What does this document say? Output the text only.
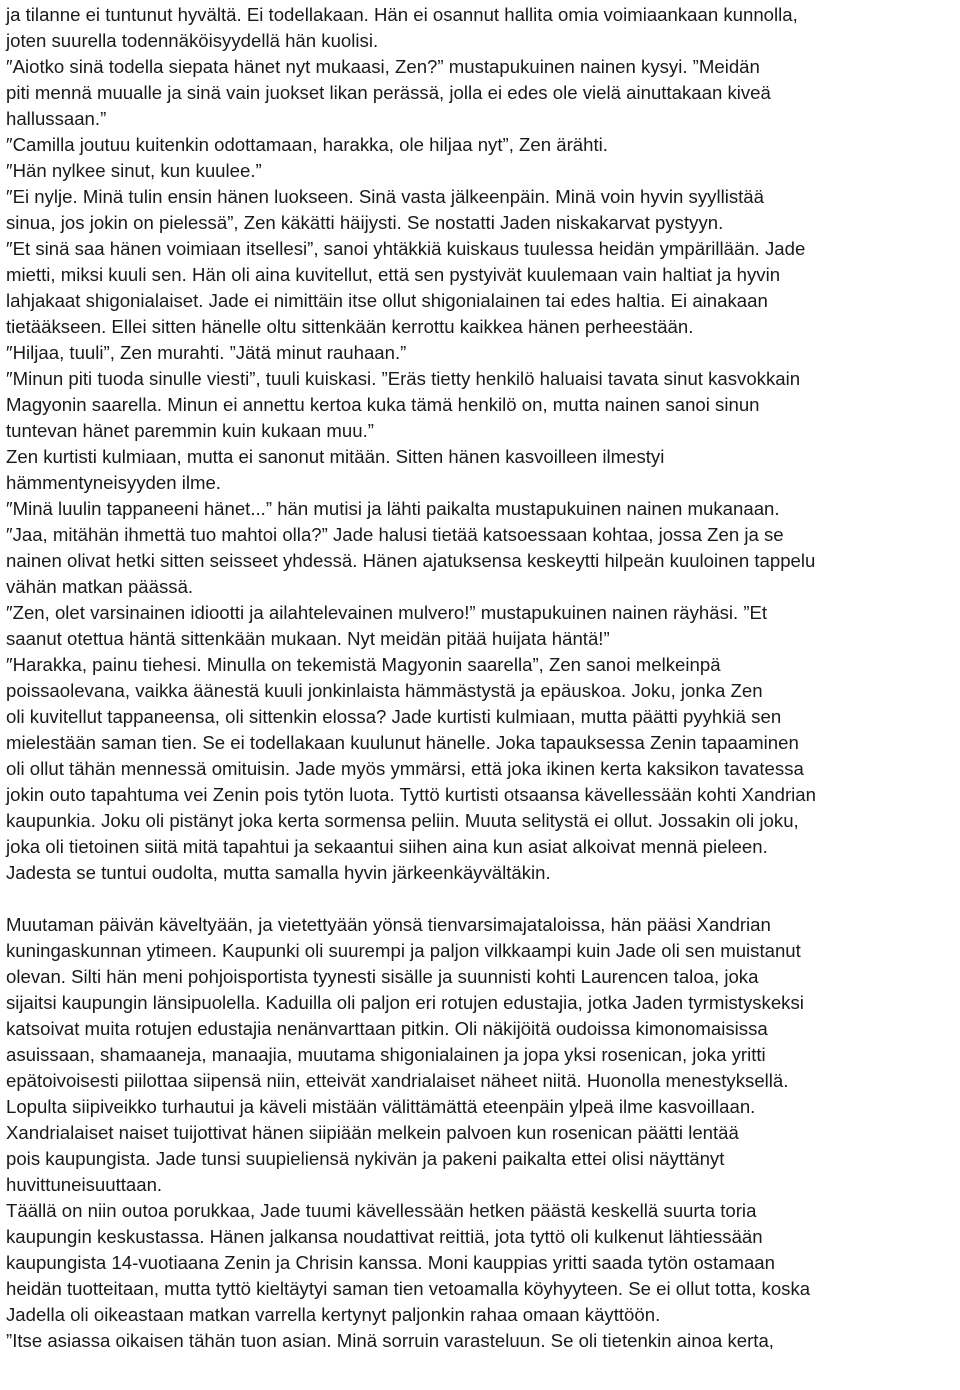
ja tilanne ei tuntunut hyvältä. Ei todellakaan. Hän ei osannut hallita omia voimiaankaan kunnolla,
joten suurella todennäköisyydellä hän kuolisi.
″Aiotko sinä todella siepata hänet nyt mukaasi, Zen?” mustapukuinen nainen kysyi. ”Meidän
piti mennä muualle ja sinä vain juokset likan perässä, jolla ei edes ole vielä ainuttakaan kiveä
hallussaan.”
″Camilla joutuu kuitenkin odottamaan, harakka, ole hiljaa nyt”, Zen ärähti.
″Hän nylkee sinut, kun kuulee.”
″Ei nylje. Minä tulin ensin hänen luokseen. Sinä vasta jälkeenpäin. Minä voin hyvin syyllistää
sinua, jos jokin on pielessä”, Zen käkätti häijysti. Se nostatti Jaden niskakarvat pystyyn.
″Et sinä saa hänen voimiaan itsellesi”, sanoi yhtäkkiä kuiskaus tuulessa heidän ympärillään. Jade
mietti, miksi kuuli sen. Hän oli aina kuvitellut, että sen pystyivät kuulemaan vain haltiat ja hyvin
lahjakaat shigonialaiset. Jade ei nimittäin itse ollut shigonialainen tai edes haltia. Ei ainakaan
tietääkseen. Ellei sitten hänelle oltu sittenkään kerrottu kaikkea hänen perheestään.
″Hiljaa, tuuli”, Zen murahti. ”Jätä minut rauhaan.”
″Minun piti tuoda sinulle viesti”, tuuli kuiskasi. ”Eräs tietty henkilö haluaisi tavata sinut kasvokkain
Magyonin saarella. Minun ei annettu kertoa kuka tämä henkilö on, mutta nainen sanoi sinun
tuntevan hänet paremmin kuin kukaan muu.”
Zen kurtisti kulmiaan, mutta ei sanonut mitään. Sitten hänen kasvoilleen ilmestyi
hämmentyneisyyden ilme.
″Minä luulin tappaneeni hänet...” hän mutisi ja lähti paikalta mustapukuinen nainen mukanaan.
″Jaa, mitähän ihmettä tuo mahtoi olla?” Jade halusi tietää katsoessaan kohtaa, jossa Zen ja se
nainen olivat hetki sitten seisseet yhdessä. Hänen ajatuksensa keskeytti hilpeän kuuloinen tappelu
vähän matkan päässä.
″Zen, olet varsinainen idiootti ja ailahtelevainen mulvero!” mustapukuinen nainen räyhäsi. ”Et
saanut otettua häntä sittenkään mukaan. Nyt meidän pitää huijata häntä!”
″Harakka, painu tiehesi. Minulla on tekemistä Magyonin saarella”, Zen sanoi melkeinpä
poissaolevana, vaikka äänestä kuuli jonkinlaista hämmästystä ja epäuskoa. Joku, jonka Zen
oli kuvitellut tappaneensa, oli sittenkin elossa? Jade kurtisti kulmiaan, mutta päätti pyyhkiä sen
mielestään saman tien. Se ei todellakaan kuulunut hänelle. Joka tapauksessa Zenin tapaaminen
oli ollut tähän mennessä omituisin. Jade myös ymmärsi, että joka ikinen kerta kaksikon tavatessa
jokin outo tapahtuma vei Zenin pois tytön luota. Tyttö kurtisti otsaansa kävellessään kohti Xandrian
kaupunkia. Joku oli pistänyt joka kerta sormensa peliin. Muuta selitystä ei ollut. Jossakin oli joku,
joka oli tietoinen siitä mitä tapahtui ja sekaantui siihen aina kun asiat alkoivat mennä pieleen.
Jadesta se tuntui oudolta, mutta samalla hyvin järkeenkäyvältäkin.
Muutaman päivän käveltyään, ja vietettyään yönsä tienvarsimajataloissa, hän pääsi Xandrian
kuningaskunnan ytimeen. Kaupunki oli suurempi ja paljon vilkkaampi kuin Jade oli sen muistanut
olevan. Silti hän meni pohjoisportista tyynesti sisälle ja suunnisti kohti Laurencen taloa, joka
sijaitsi kaupungin länsipuolella. Kaduilla oli paljon eri rotujen edustajia, jotka Jaden tyrmistyskeksi
katsoivat muita rotujen edustajia nenänvarttaan pitkin. Oli näkijöitä oudoissa kimonomaisissa
asuissaan, shamaaneja, manaajia, muutama shigonialainen ja jopa yksi rosenican, joka yritti
epätoivoisesti piilottaa siipensä niin, etteivät xandrialaiset näheet niitä. Huonolla menestyksellä.
Lopulta siipiveikko turhautui ja käveli mistään välittämättä eteenpäin ylpeä ilme kasvoillaan.
Xandrialaiset naiset tuijottivat hänen siipiään melkein palvoen kun rosenican päätti lentää
pois kaupungista. Jade tunsi suupieliensä nykivän ja pakeni paikalta ettei olisi näyttänyt
huvittuneisuuttaan.
Täällä on niin outoa porukkaa, Jade tuumi kävellessään hetken päästä keskellä suurta toria
kaupungin keskustassa. Hänen jalkansa noudattivat reittiä, jota tyttö oli kulkenut lähtiessään
kaupungista 14-vuotiaana Zenin ja Chrisin kanssa. Moni kauppias yritti saada tytön ostamaan
heidän tuotteitaan, mutta tyttö kieltäytyi saman tien vetoamalla köyhyyteen. Se ei ollut totta, koska
Jadella oli oikeastaan matkan varrella kertynyt paljonkin rahaa omaan käyttöön.
”Itse asiassa oikaisen tähän tuon asian. Minä sorruin varasteluun. Se oli tietenkin ainoa kerta,
